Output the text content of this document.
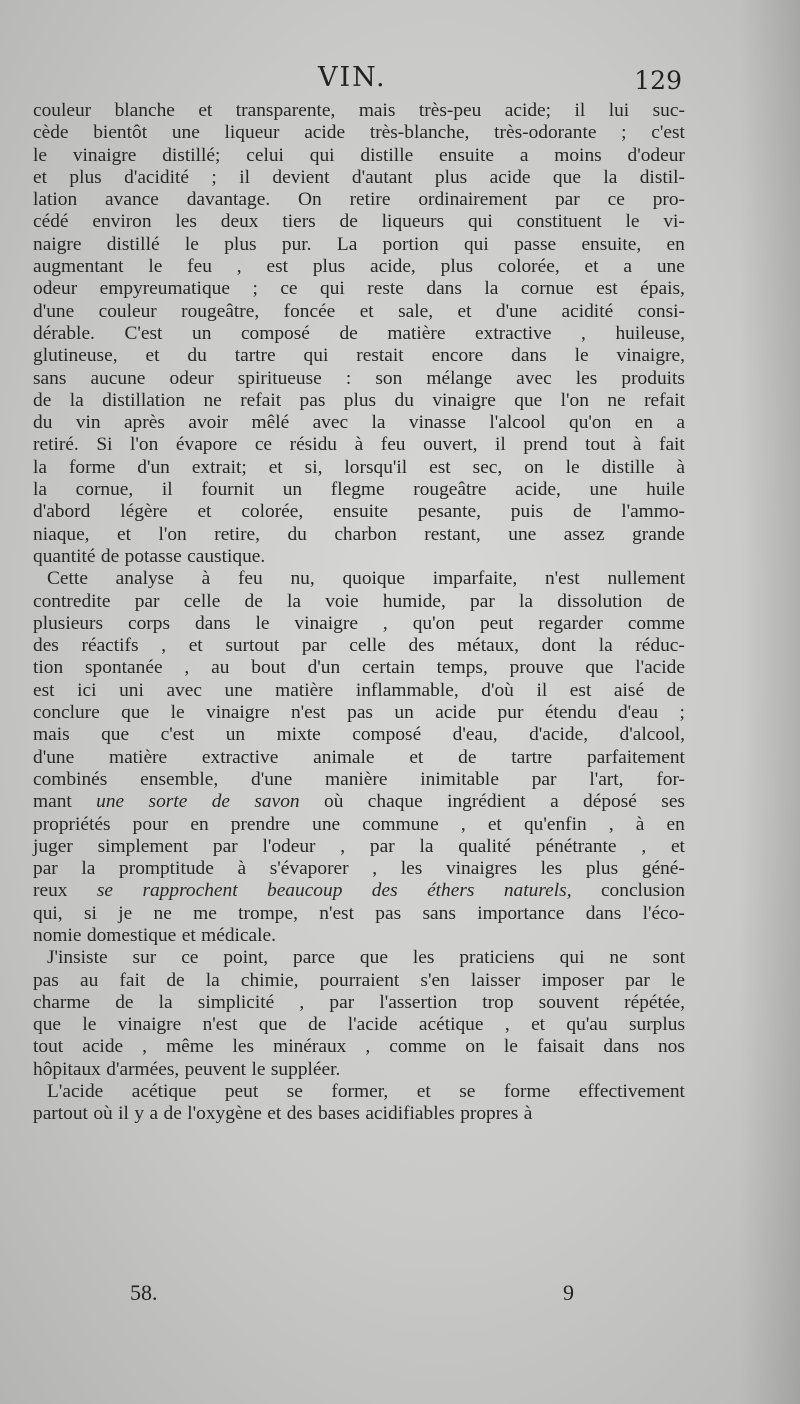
VIN.	129
couleur blanche et transparente, mais très-peu acide; il lui suc-
cède bientôt une liqueur acide très-blanche, très-odorante ; c'est
le vinaigre distillé; celui qui distille ensuite a moins d'odeur
et plus d'acidité ; il devient d'autant plus acide que la distil-
lation avance davantage. On retire ordinairement par ce pro-
cédé environ les deux tiers de liqueurs qui constituent le vi-
naigre distillé le plus pur. La portion qui passe ensuite, en
augmentant le feu , est plus acide, plus colorée, et a une
odeur empyreumatique ; ce qui reste dans la cornue est épais,
d'une couleur rougeâtre, foncée et sale, et d'une acidité consi-
dérable. C'est un composé de matière extractive , huileuse,
glutineuse, et du tartre qui restait encore dans le vinaigre,
sans aucune odeur spiritueuse : son mélange avec les produits
de la distillation ne refait pas plus du vinaigre que l'on ne refait
du vin après avoir mêlé avec la vinasse l'alcool qu'on en a
retiré. Si l'on évapore ce résidu à feu ouvert, il prend tout à fait
la forme d'un extrait; et si, lorsqu'il est sec, on le distille à
la cornue, il fournit un flegme rougeâtre acide, une huile
d'abord légère et colorée, ensuite pesante, puis de l'ammo-
niaque, et l'on retire, du charbon restant, une assez grande
quantité de potasse caustique.
Cette analyse à feu nu, quoique imparfaite, n'est nullement
contredite par celle de la voie humide, par la dissolution de
plusieurs corps dans le vinaigre , qu'on peut regarder comme
des réactifs , et surtout par celle des métaux, dont la réduc-
tion spontanée , au bout d'un certain temps, prouve que l'acide
est ici uni avec une matière inflammable, d'où il est aisé de
conclure que le vinaigre n'est pas un acide pur étendu d'eau ;
mais que c'est un mixte composé d'eau, d'acide, d'alcool,
d'une matière extractive animale et de tartre parfaitement
combinés ensemble, d'une manière inimitable par l'art, for-
mant une sorte de savon où chaque ingrédient a déposé ses
propriétés pour en prendre une commune , et qu'enfin , à en
juger simplement par l'odeur , par la qualité pénétrante , et
par la promptitude à s'évaporer , les vinaigres les plus géné-
reux se rapprochent beaucoup des éthers naturels, conclusion
qui, si je ne me trompe, n'est pas sans importance dans l'éco-
nomie domestique et médicale.
J'insiste sur ce point, parce que les praticiens qui ne sont
pas au fait de la chimie, pourraient s'en laisser imposer par le
charme de la simplicité , par l'assertion trop souvent répétée,
que le vinaigre n'est que de l'acide acétique , et qu'au surplus
tout acide , même les minéraux , comme on le faisait dans nos
hôpitaux d'armées, peuvent le suppléer.
L'acide acétique peut se former, et se forme effectivement
partout où il y a de l'oxygène et des bases acidifiables propres à
58.	9
